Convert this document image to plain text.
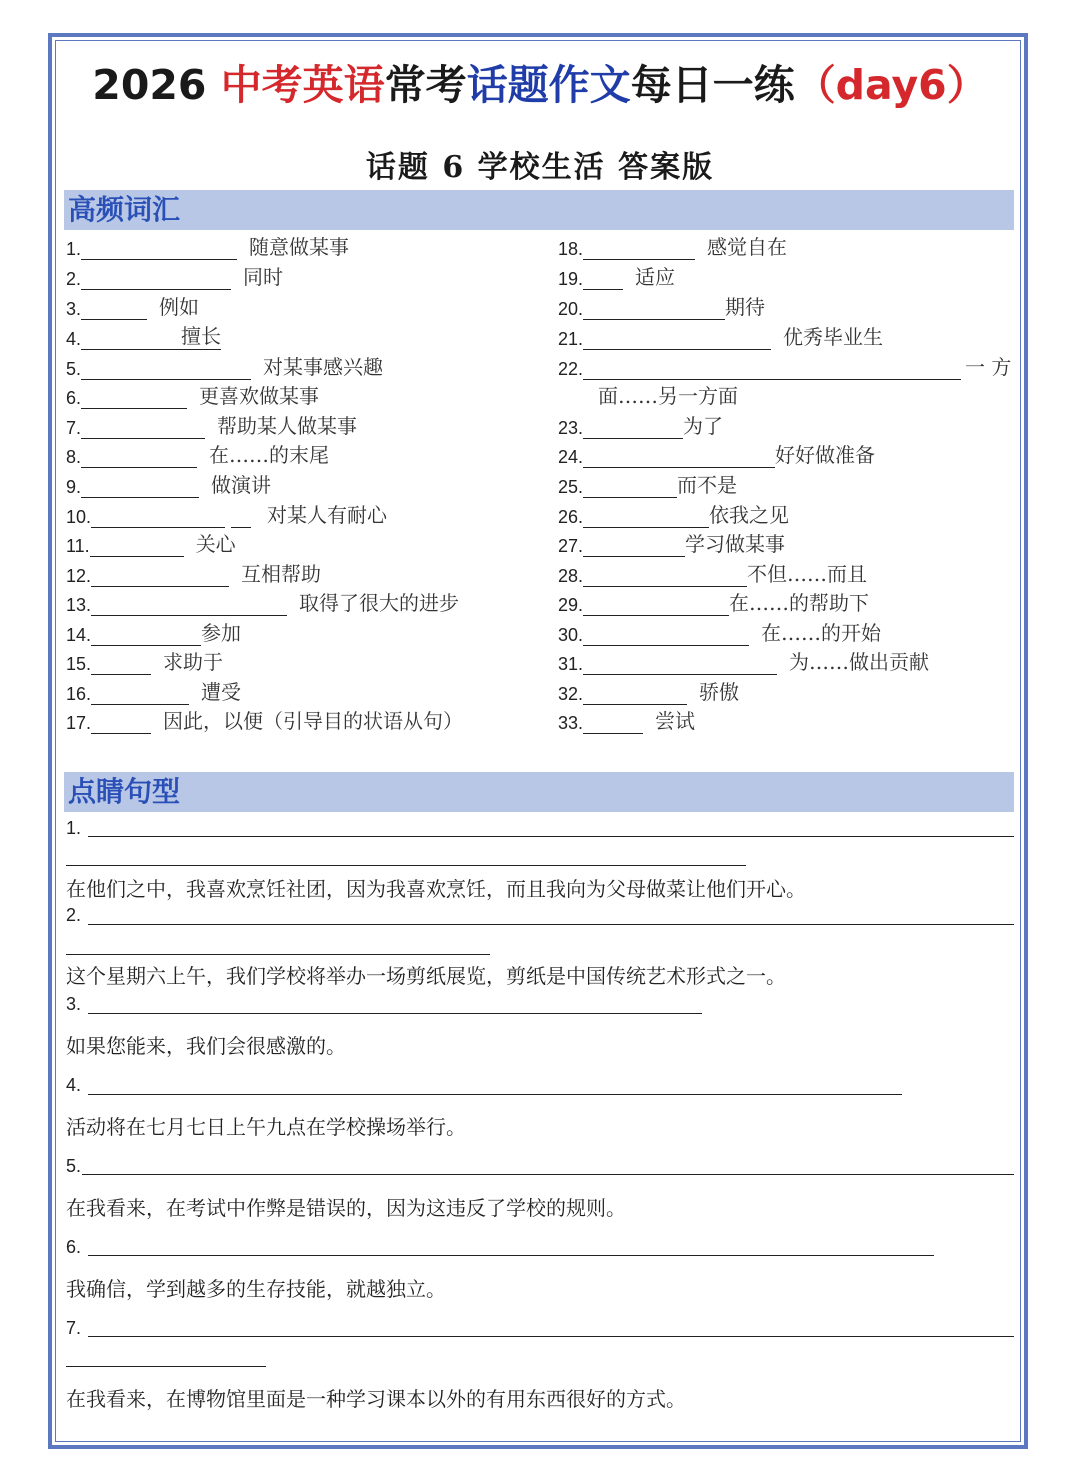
2026 中考英语常考话题作文每日一练（day6）
话题 6 学校生活 答案版
高频词汇
1.	随意做某事
2.	同时
3.	例如
4.	擅长
5.	对某事感兴趣
6.	更喜欢做某事
7.	帮助某人做某事
8.	在……的末尾
9.	做演讲
10.	对某人有耐心
11.	关心
12.	互相帮助
13.	取得了很大的进步
14.	参加
15.	求助于
16.	遭受
17.	因此，以便（引导目的状语从句）
18.	感觉自在
19.	适应
20.	期待
21.	优秀毕业生
22.	一 方
面……另一方面
23.	为了
24.	好好做准备
25.	而不是
26.	依我之见
27.	学习做某事
28.	不但……而且
29.	在……的帮助下
30.	在……的开始
31.	为……做出贡献
32.	骄傲
33.	尝试
点睛句型
1.
在他们之中，我喜欢烹饪社团，因为我喜欢烹饪，而且我向为父母做菜让他们开心。
2.
这个星期六上午，我们学校将举办一场剪纸展览，剪纸是中国传统艺术形式之一。
3.
如果您能来，我们会很感激的。
4.
活动将在七月七日上午九点在学校操场举行。
5.
在我看来，在考试中作弊是错误的，因为这违反了学校的规则。
6.
我确信，学到越多的生存技能，就越独立。
7.
在我看来，在博物馆里面是一种学习课本以外的有用东西很好的方式。
